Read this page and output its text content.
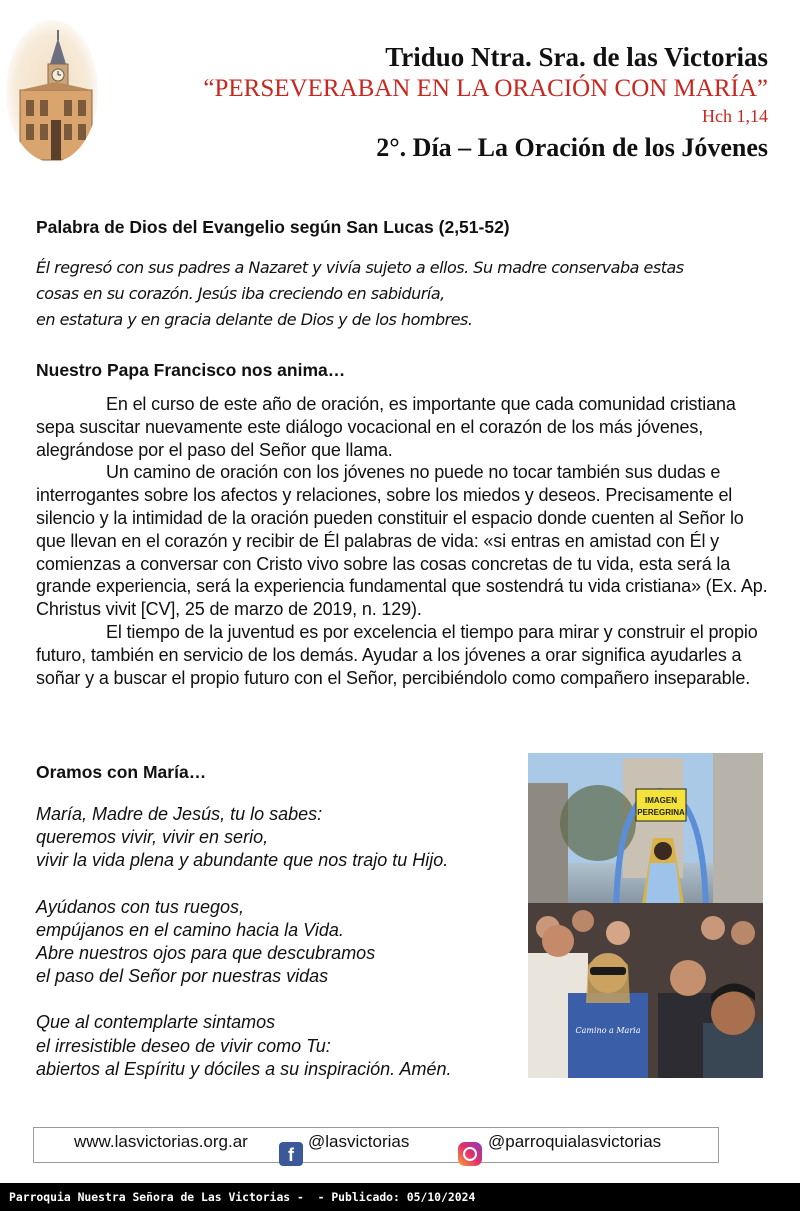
Triduo Ntra. Sra. de las Victorias
“PERSEVERABAN EN LA ORACIÓN CON MARÍA”
Hch 1,14
2°. Día – La Oración de los Jóvenes
Palabra de Dios del Evangelio según San Lucas (2,51-52)
Él regresó con sus padres a Nazaret y vivía sujeto a ellos. Su madre conservaba estas
cosas en su corazón. Jesús iba creciendo en sabiduría,
en estatura y en gracia delante de Dios y de los hombres.
Nuestro Papa Francisco nos anima…

En el curso de este año de oración, es importante que cada comunidad cristiana sepa suscitar nuevamente este diálogo vocacional en el corazón de los más jóvenes, alegrándose por el paso del Señor que llama.

Un camino de oración con los jóvenes no puede no tocar también sus dudas e interrogantes sobre los afectos y relaciones, sobre los miedos y deseos. Precisamente el silencio y la intimidad de la oración pueden constituir el espacio donde cuenten al Señor lo que llevan en el corazón y recibir de Él palabras de vida: «si entras en amistad con Él y comienzas a conversar con Cristo vivo sobre las cosas concretas de tu vida, esta será la grande experiencia, será la experiencia fundamental que sostendrá tu vida cristiana» (Ex. Ap. Christus vivit [CV], 25 de marzo de 2019, n. 129).

El tiempo de la juventud es por excelencia el tiempo para mirar y construir el propio futuro, también en servicio de los demás. Ayudar a los jóvenes a orar significa ayudarles a soñar y a buscar el propio futuro con el Señor, percibiéndolo como compañero inseparable.

Oramos con María…
María, Madre de Jesús, tu lo sabes:
queremos vivir, vivir en serio,
vivir la vida plena y abundante que nos trajo tu Hijo.
Ayúdanos con tus ruegos,
empújanos en el camino hacia la Vida.
Abre nuestros ojos para que descubramos
el paso del Señor por nuestras vidas
Que al contemplarte sintamos
el irresistible deseo de vivir como Tu:
abiertos al Espíritu y dóciles a su inspiración. Amén.
IMAGEN
PEREGRINA
Camino a Maria
www.lasvictorias.org.ar
f
@lasvictorias	@parroquialasvictorias
Parroquia Nuestra Señora de Las Victorias -  - Publicado: 05/10/2024
